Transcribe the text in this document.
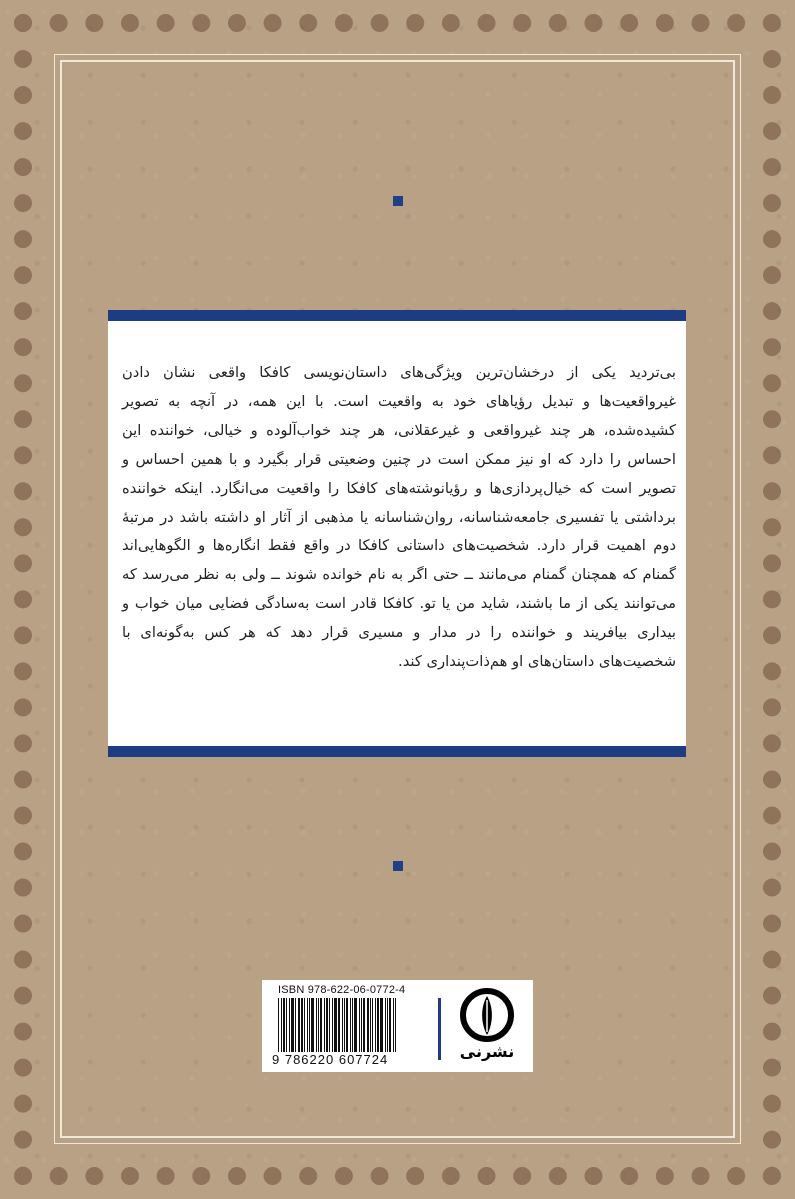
بی‌تردید یکی از درخشان‌ترین ویژگی‌های داستان‌نویسی کافکا واقعی نشان دادن غیرواقعیت‌ها و تبدیل رؤیاهای خود به واقعیت است. با این همه، در آنچه به تصویر کشیده‌شده، هر چند غیرواقعی و غیرعقلانی، هر چند خواب‌آلوده و خیالی، خواننده این احساس را دارد که او نیز ممکن است در چنین وضعیتی قرار بگیرد و با همین احساس و تصویر است که خیال‌پردازی‌ها و رؤیانوشته‌های کافکا را واقعیت می‌انگارد. اینکه خواننده برداشتی یا تفسیری جامعه‌شناسانه، روان‌شناسانه یا مذهبی از آثار او داشته باشد در مرتبهٔ دوم اهمیت قرار دارد. شخصیت‌های داستانی کافکا در واقع فقط انگاره‌ها و الگوهایی‌اند گمنام که همچنان گمنام می‌مانند ــ حتی اگر به نام خوانده شوند ــ ولی به نظر می‌رسد که می‌توانند یکی از ما باشند، شاید من یا تو. کافکا قادر است به‌سادگی فضایی میان خواب و بیداری بیافریند و خواننده را در مدار و مسیری قرار دهد که هر کس به‌گونه‌ای با شخصیت‌های داستان‌های او هم‌ذات‌پنداری کند.

ISBN 978-622-06-0772-4
9 786220 607724	نشرنی
